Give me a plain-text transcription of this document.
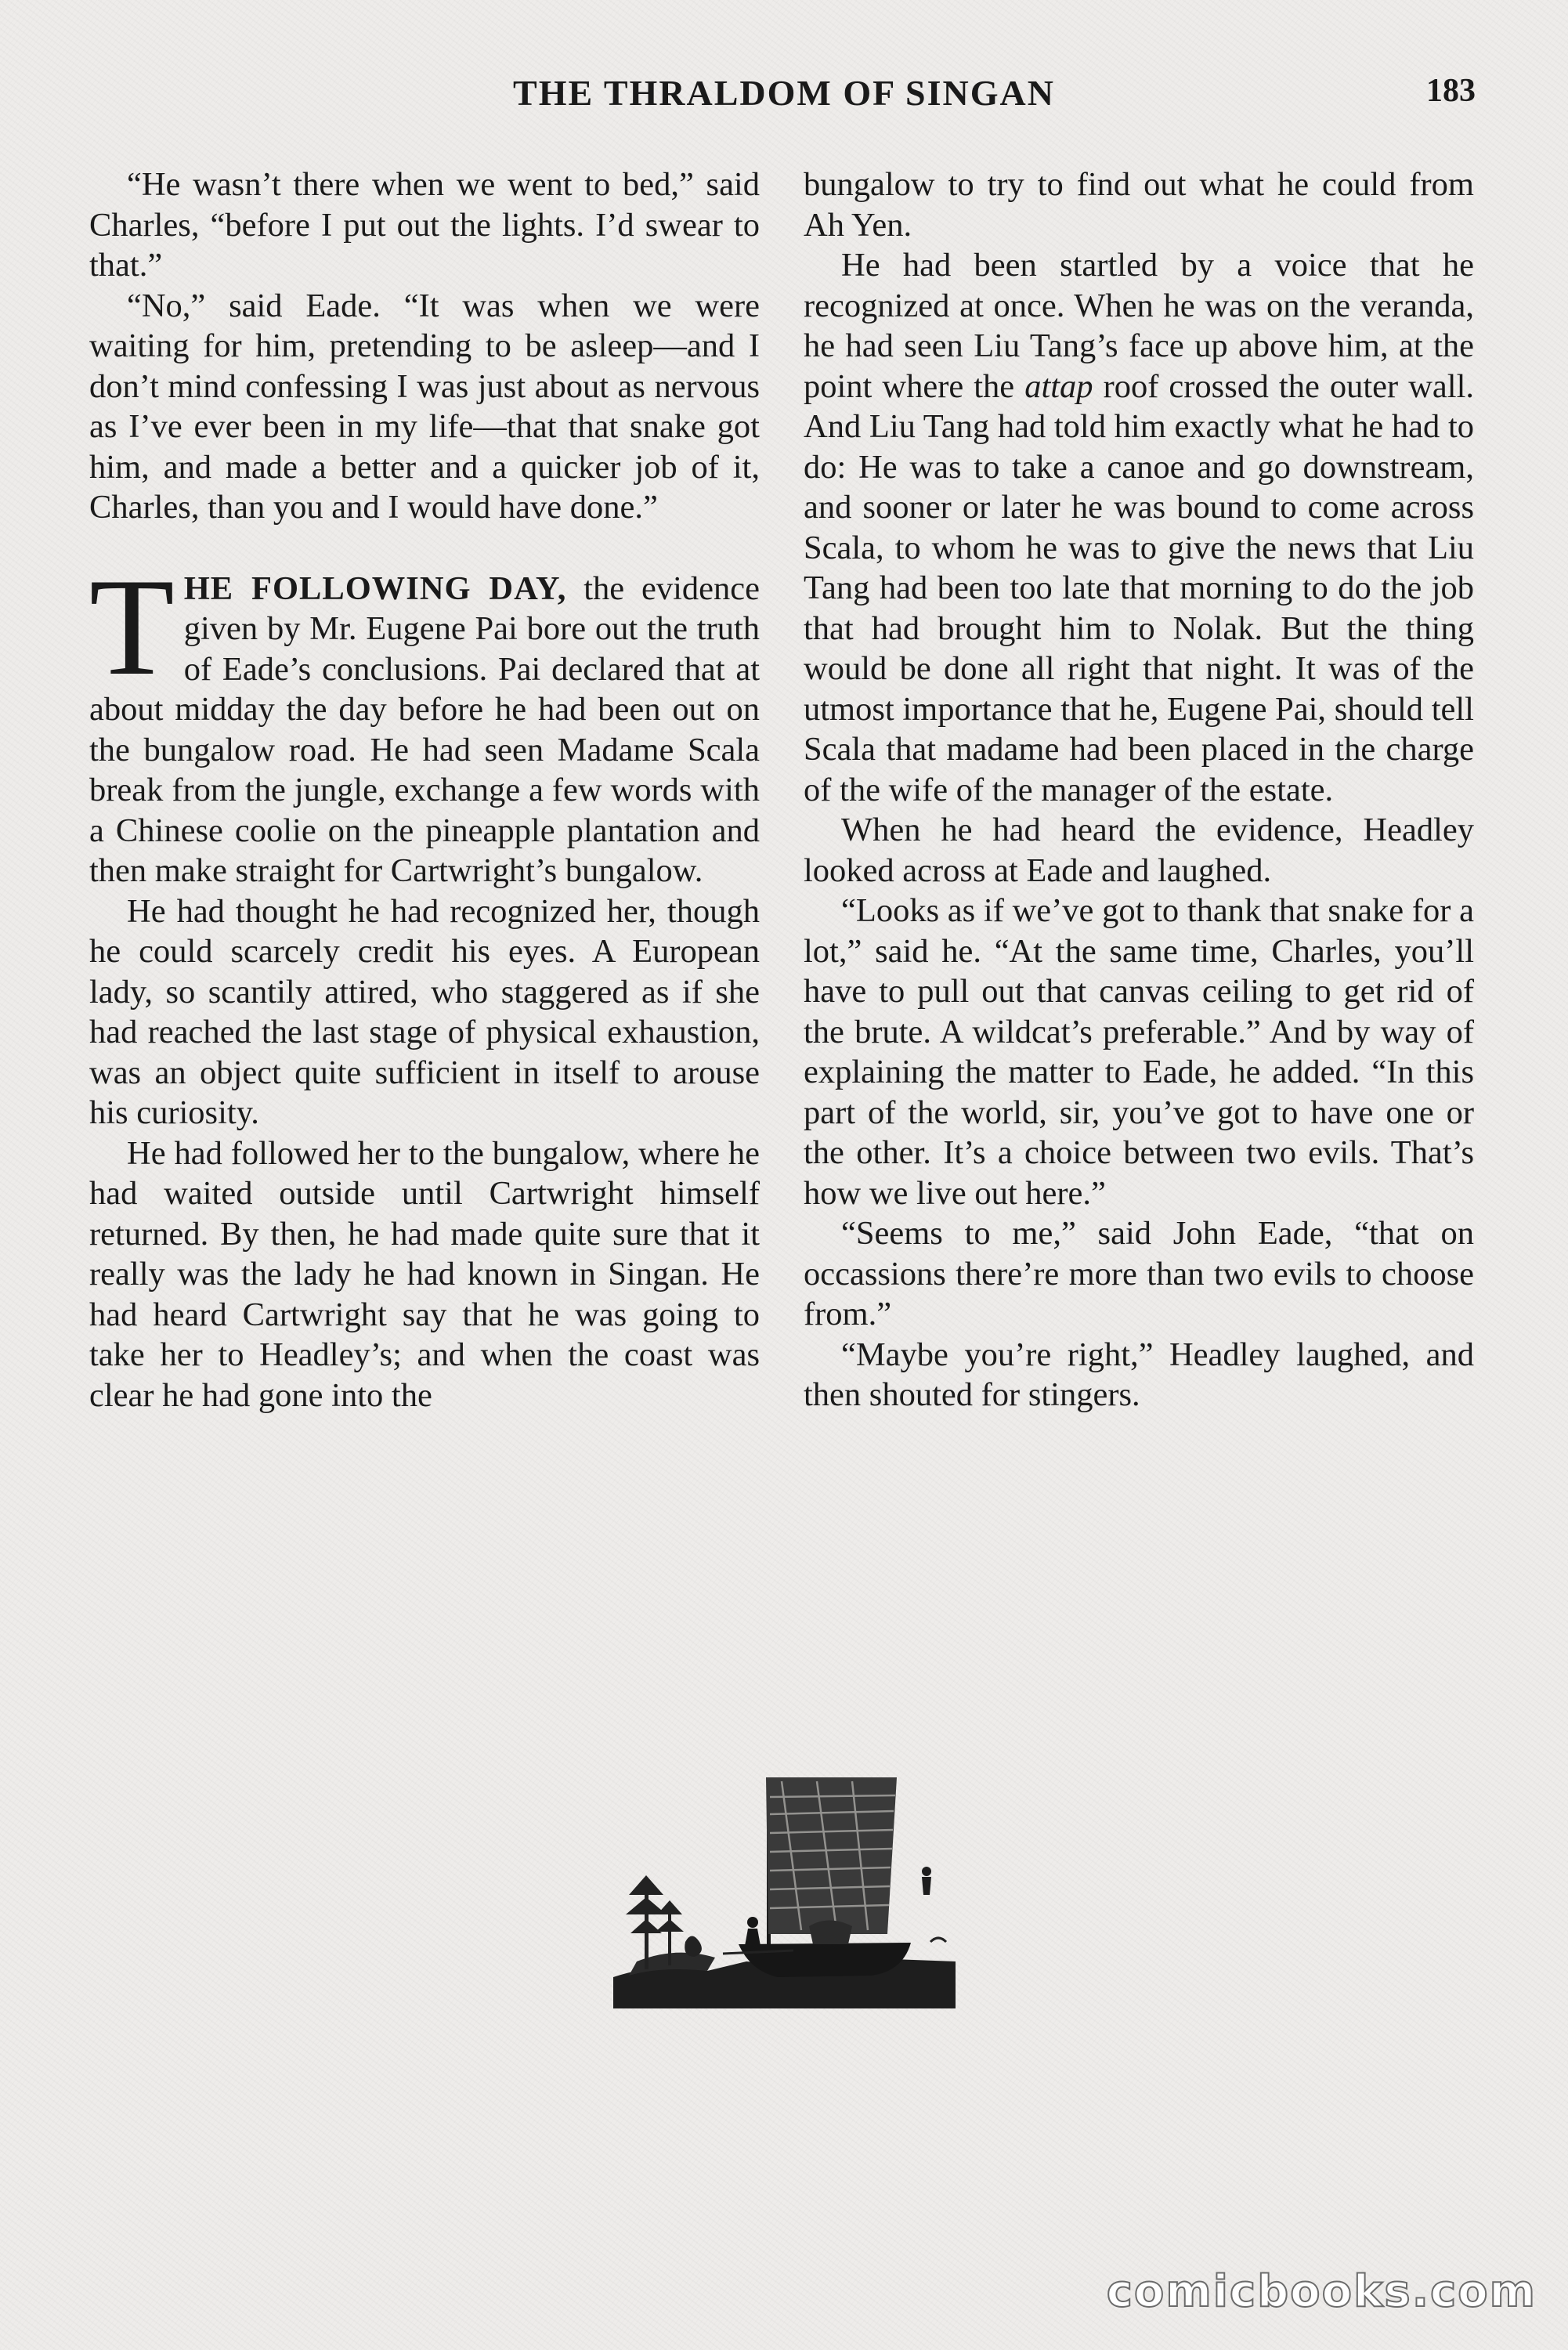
THE THRALDOM OF SINGAN	183

“He wasn’t there when we went to bed,” said Charles, “before I put out the lights. I’d swear to that.”

“No,” said Eade. “It was when we were waiting for him, pretending to be asleep—and I don’t mind confessing I was just about as nervous as I’ve ever been in my life—that that snake got him, and made a better and a quicker job of it, Charles, than you and I would have done.”

THE FOLLOWING DAY, the evidence given by Mr. Eugene Pai bore out the truth of Eade’s conclusions. Pai declared that at about midday the day before he had been out on the bungalow road. He had seen Madame Scala break from the jungle, exchange a few words with a Chinese coolie on the pineapple plantation and then make straight for Cartwright’s bungalow.

He had thought he had recognized her, though he could scarcely credit his eyes. A European lady, so scantily attired, who staggered as if she had reached the last stage of physical exhaustion, was an object quite sufficient in itself to arouse his curiosity.

He had followed her to the bungalow, where he had waited outside until Cartwright himself returned. By then, he had made quite sure that it really was the lady he had known in Singan. He had heard Cartwright say that he was going to take her to Headley’s; and when the coast was clear he had gone into the

bungalow to try to find out what he could from Ah Yen.

He had been startled by a voice that he recognized at once. When he was on the veranda, he had seen Liu Tang’s face up above him, at the point where the attap roof crossed the outer wall. And Liu Tang had told him exactly what he had to do: He was to take a canoe and go downstream, and sooner or later he was bound to come across Scala, to whom he was to give the news that Liu Tang had been too late that morning to do the job that had brought him to Nolak. But the thing would be done all right that night. It was of the utmost importance that he, Eugene Pai, should tell Scala that madame had been placed in the charge of the wife of the manager of the estate.

When he had heard the evidence, Headley looked across at Eade and laughed.

“Looks as if we’ve got to thank that snake for a lot,” said he. “At the same time, Charles, you’ll have to pull out that canvas ceiling to get rid of the brute. A wildcat’s preferable.” And by way of explaining the matter to Eade, he added. “In this part of the world, sir, you’ve got to have one or the other. It’s a choice between two evils. That’s how we live out here.”

“Seems to me,” said John Eade, “that on occassions there’re more than two evils to choose from.”

“Maybe you’re right,” Headley laughed, and then shouted for stingers.

comicbooks.com
